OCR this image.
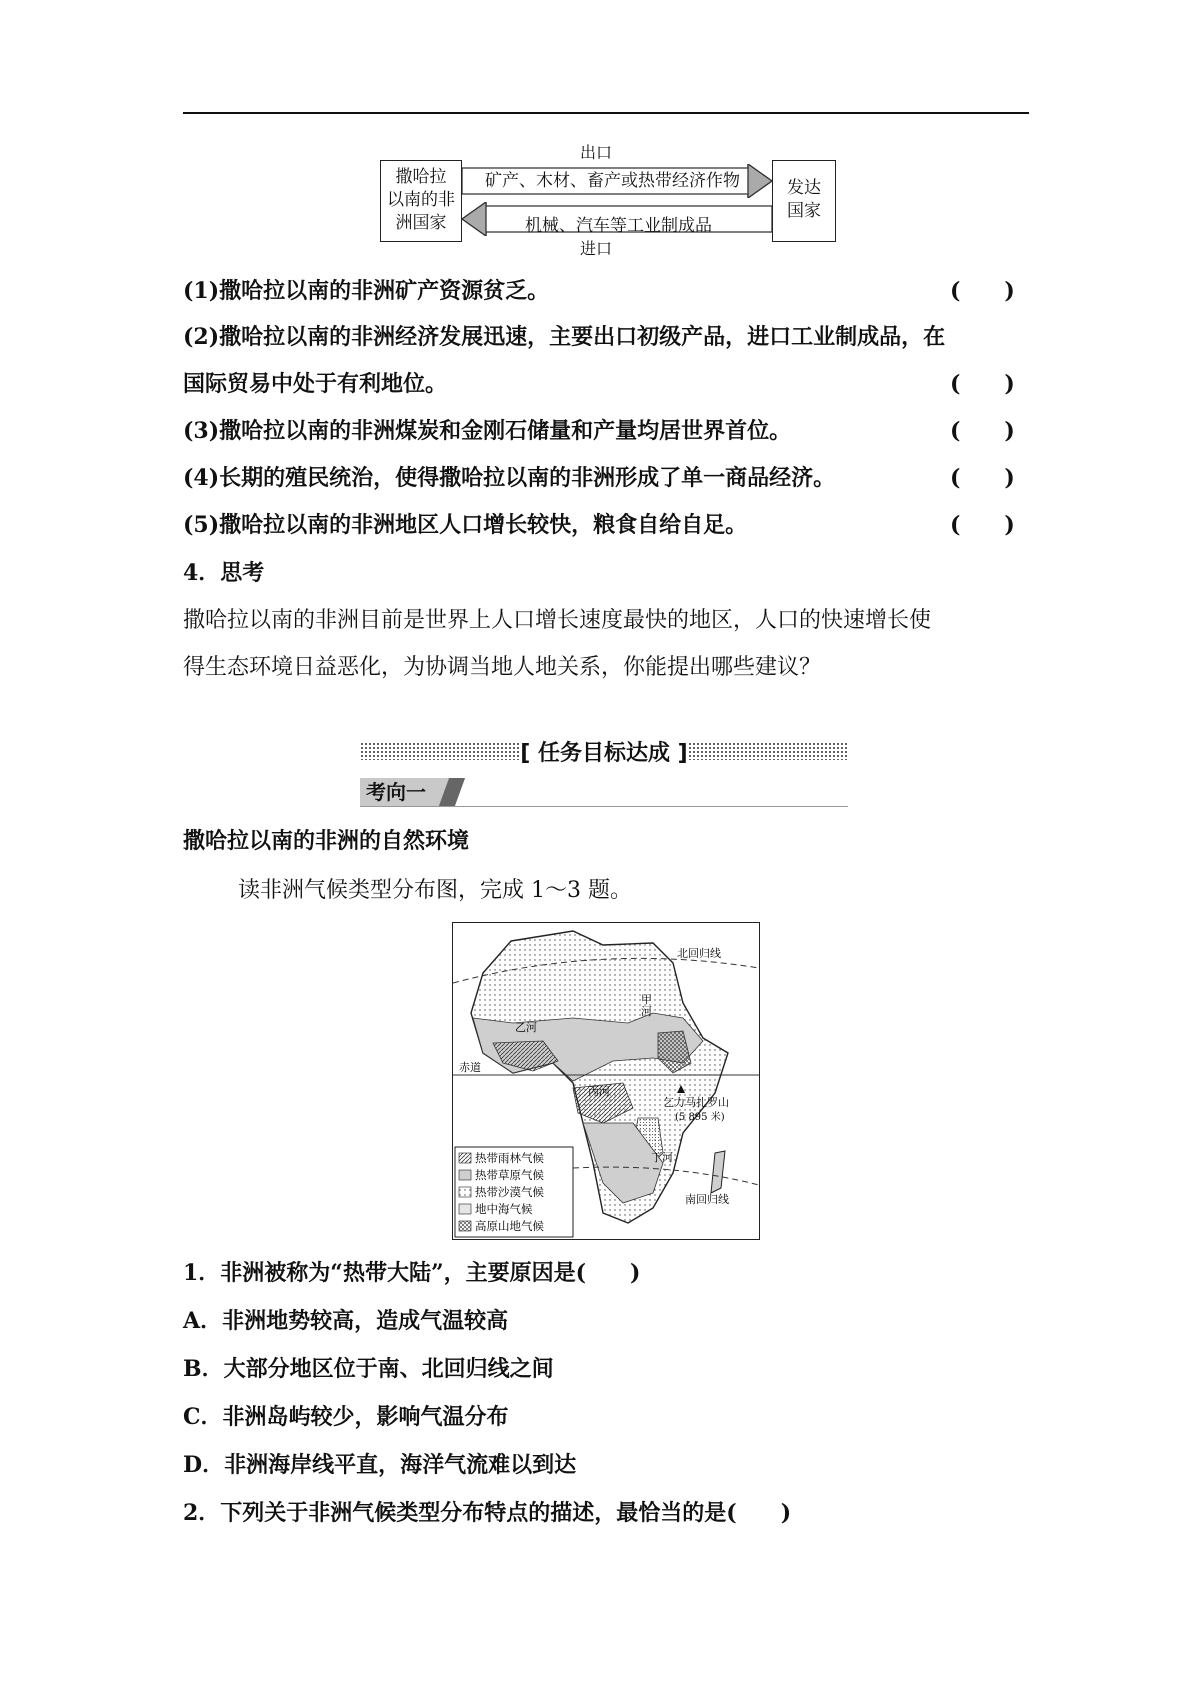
出口
撒哈拉
以南的非
洲国家
矿产、木材、畜产或热带经济作物
机械、汽车等工业制成品
发达
国家
进口
(1)撒哈拉以南的非洲矿产资源贫乏。	(　　)
(2)撒哈拉以南的非洲经济发展迅速，主要出口初级产品，进口工业制成品，在
国际贸易中处于有利地位。	(　　)
(3)撒哈拉以南的非洲煤炭和金刚石储量和产量均居世界首位。	(　　)
(4)长期的殖民统治，使得撒哈拉以南的非洲形成了单一商品经济。	(　　)
(5)撒哈拉以南的非洲地区人口增长较快，粮食自给自足。	(　　)
4．思考
撒哈拉以南的非洲目前是世界上人口增长速度最快的地区，人口的快速增长使
得生态环境日益恶化，为协调当地人地关系，你能提出哪些建议？
[ 任务目标达成 ]
考向一
撒哈拉以南的非洲的自然环境
读非洲气候类型分布图，完成 1～3 题。
北回归线
赤道
甲河
乙河
丙河
乞力马扎罗山
(5 895 米)
丁河
南回归线
热带雨林气候
热带草原气候
热带沙漠气候
地中海气候
高原山地气候
1．非洲被称为“热带大陆”，主要原因是(　　)
A．非洲地势较高，造成气温较高
B．大部分地区位于南、北回归线之间
C．非洲岛屿较少，影响气温分布
D．非洲海岸线平直，海洋气流难以到达
2．下列关于非洲气候类型分布特点的描述，最恰当的是(　　)
